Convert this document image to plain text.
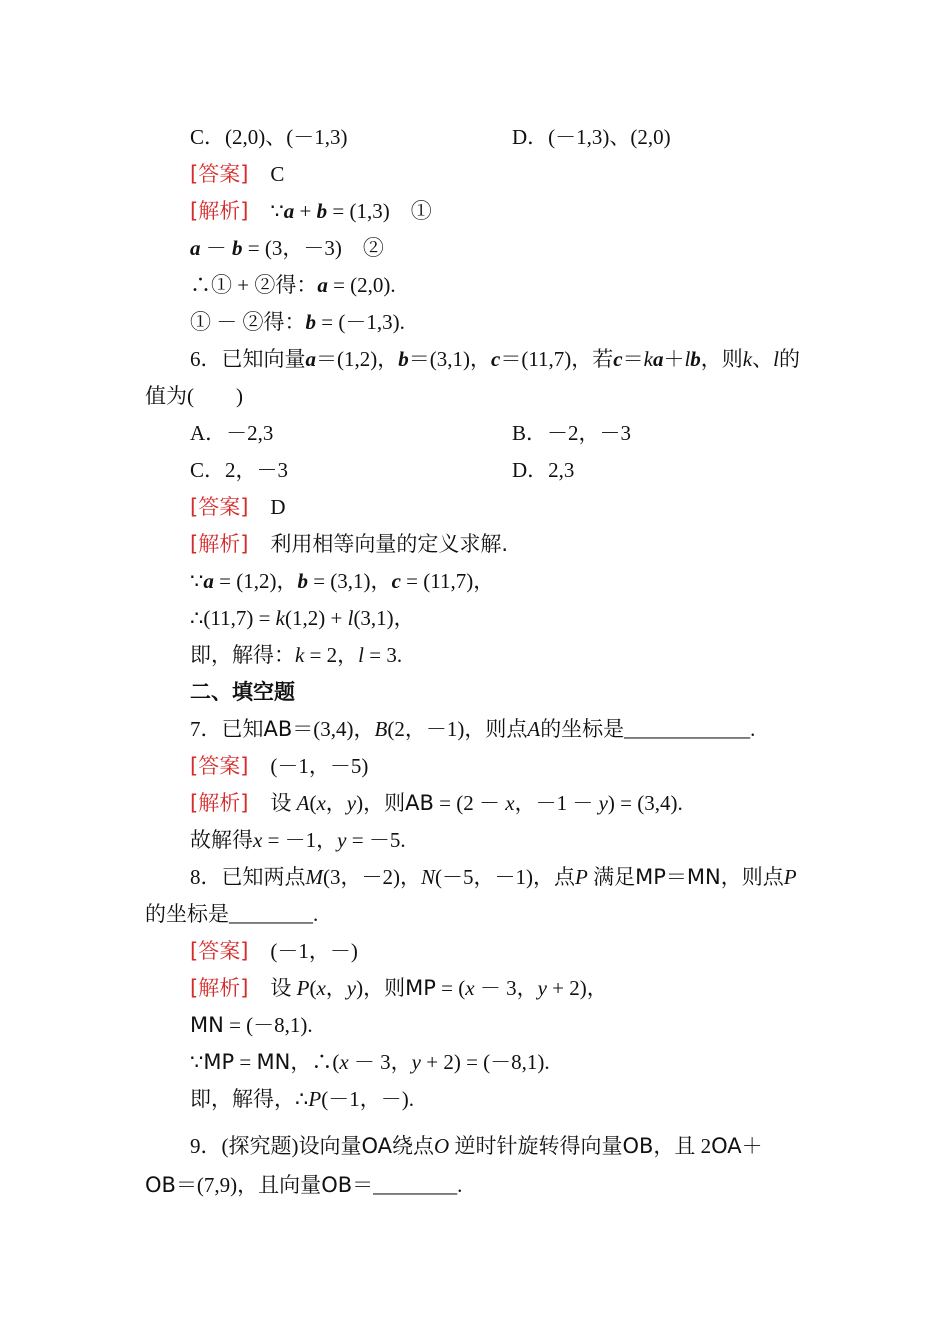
C．(2,0)、(－1,3)	D．(－1,3)、(2,0)
[答案] C
[解析] ∵a + b = (1,3)　①
a － b = (3，－3)　②
∴① + ②得：a = (2,0).
① － ②得：b = (－1,3).
6．已知向量a＝(1,2)，b＝(3,1)，c＝(11,7)，若c＝ka＋lb，则k、l的
值为(　　)
A．－2,3	B．－2，－3
C．2，－3	D．2,3
[答案] D
[解析] 利用相等向量的定义求解.
∵a = (1,2)，b = (3,1)，c = (11,7)，
∴(11,7) = k(1,2) + l(3,1)，
即，解得：k = 2，l = 3.
二、填空题
7．已知AB＝(3,4)，B(2，－1)，则点A的坐标是____________.
[答案] (－1，－5)
[解析] 设 A(x，y)，则AB = (2 － x，－1 － y) = (3,4).
故解得x = －1，y = －5.
8．已知两点M(3，－2)，N(－5，－1)，点P 满足MP＝MN，则点P
的坐标是________.
[答案] (－1，－)
[解析] 设 P(x，y)，则MP = (x － 3，y + 2)，
MN = (－8,1).
∵MP = MN，∴(x － 3，y + 2) = (－8,1).
即，解得，∴P(－1，－).
9．(探究题)设向量OA绕点O 逆时针旋转得向量OB，且 2OA＋
OB＝(7,9)，且向量OB＝________.
